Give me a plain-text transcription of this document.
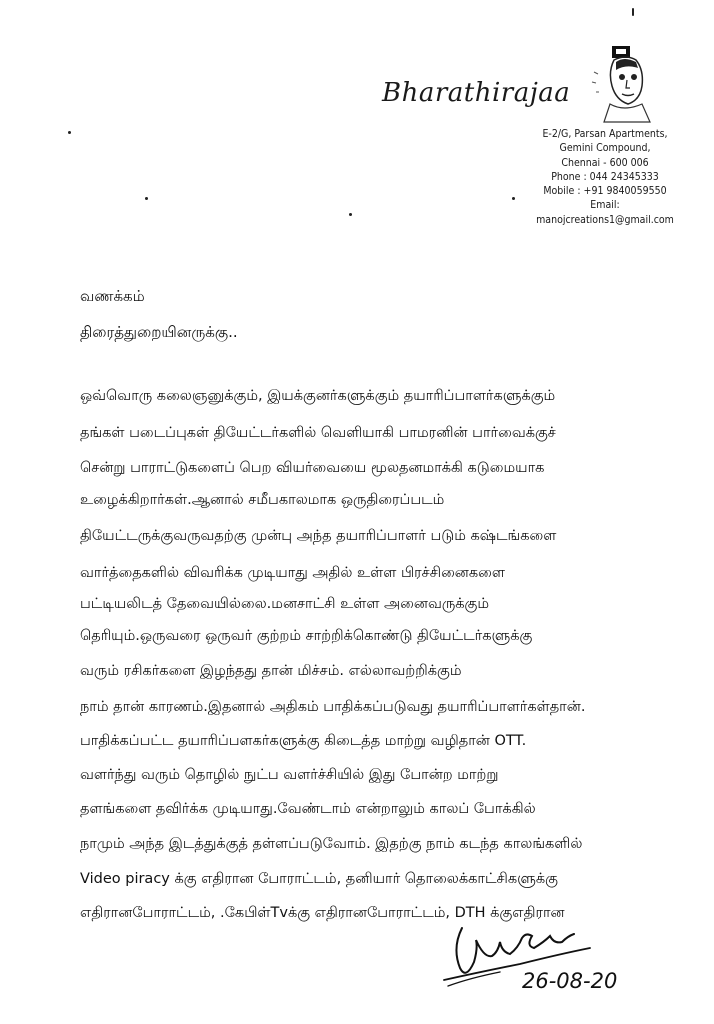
Bharathirajaa
E-2/G, Parsan Apartments,
Gemini Compound,
Chennai - 600 006
Phone : 044 24345333
Mobile : +91 9840059550
Email:
manojcreations1@gmail.com
வணக்கம்
திரைத்துறையினருக்கு..
ஒவ்வொரு கலைஞனுக்கும், இயக்குனர்களுக்கும் தயாரிப்பாளர்களுக்கும்
தங்கள் படைப்புகள் தியேட்டர்களில் வெளியாகி பாமரனின் பார்வைக்குச்
சென்று பாராட்டுகளைப் பெற வியர்வையை மூலதனமாக்கி கடுமையாக
உழைக்கிறார்கள்.ஆனால் சமீபகாலமாக ஒருதிரைப்படம்
தியேட்டருக்குவருவதற்கு முன்பு அந்த தயாரிப்பாளர் படும் கஷ்டங்களை
வார்த்தைகளில் விவரிக்க முடியாது அதில் உள்ள பிரச்சினைகளை
பட்டியலிடத் தேவையில்லை.மனசாட்சி உள்ள அனைவருக்கும்
தெரியும்.ஒருவரை ஒருவர் குற்றம் சாற்றிக்கொண்டு தியேட்டர்களுக்கு
வரும் ரசிகர்களை இழந்தது தான் மிச்சம். எல்லாவற்றிக்கும்
நாம் தான் காரணம்.இதனால் அதிகம் பாதிக்கப்படுவது தயாரிப்பாளர்கள்தான்.
பாதிக்கப்பட்ட தயாரிப்பளகர்களுக்கு கிடைத்த மாற்று வழிதான் OTT.
வளர்ந்து வரும் தொழில் நுட்ப வளர்ச்சியில் இது போன்ற மாற்று
தளங்களை தவிர்க்க முடியாது.வேண்டாம் என்றாலும் காலப் போக்கில்
நாமும் அந்த இடத்துக்குத் தள்ளப்படுவோம். இதற்கு நாம் கடந்த காலங்களில்
Video piracy க்கு எதிரான போராட்டம், தனியார் தொலைக்காட்சிகளுக்கு
எதிரானபோராட்டம், .கேபிள்Tvக்கு எதிரானபோராட்டம், DTH க்குஎதிரான
26-08-20
